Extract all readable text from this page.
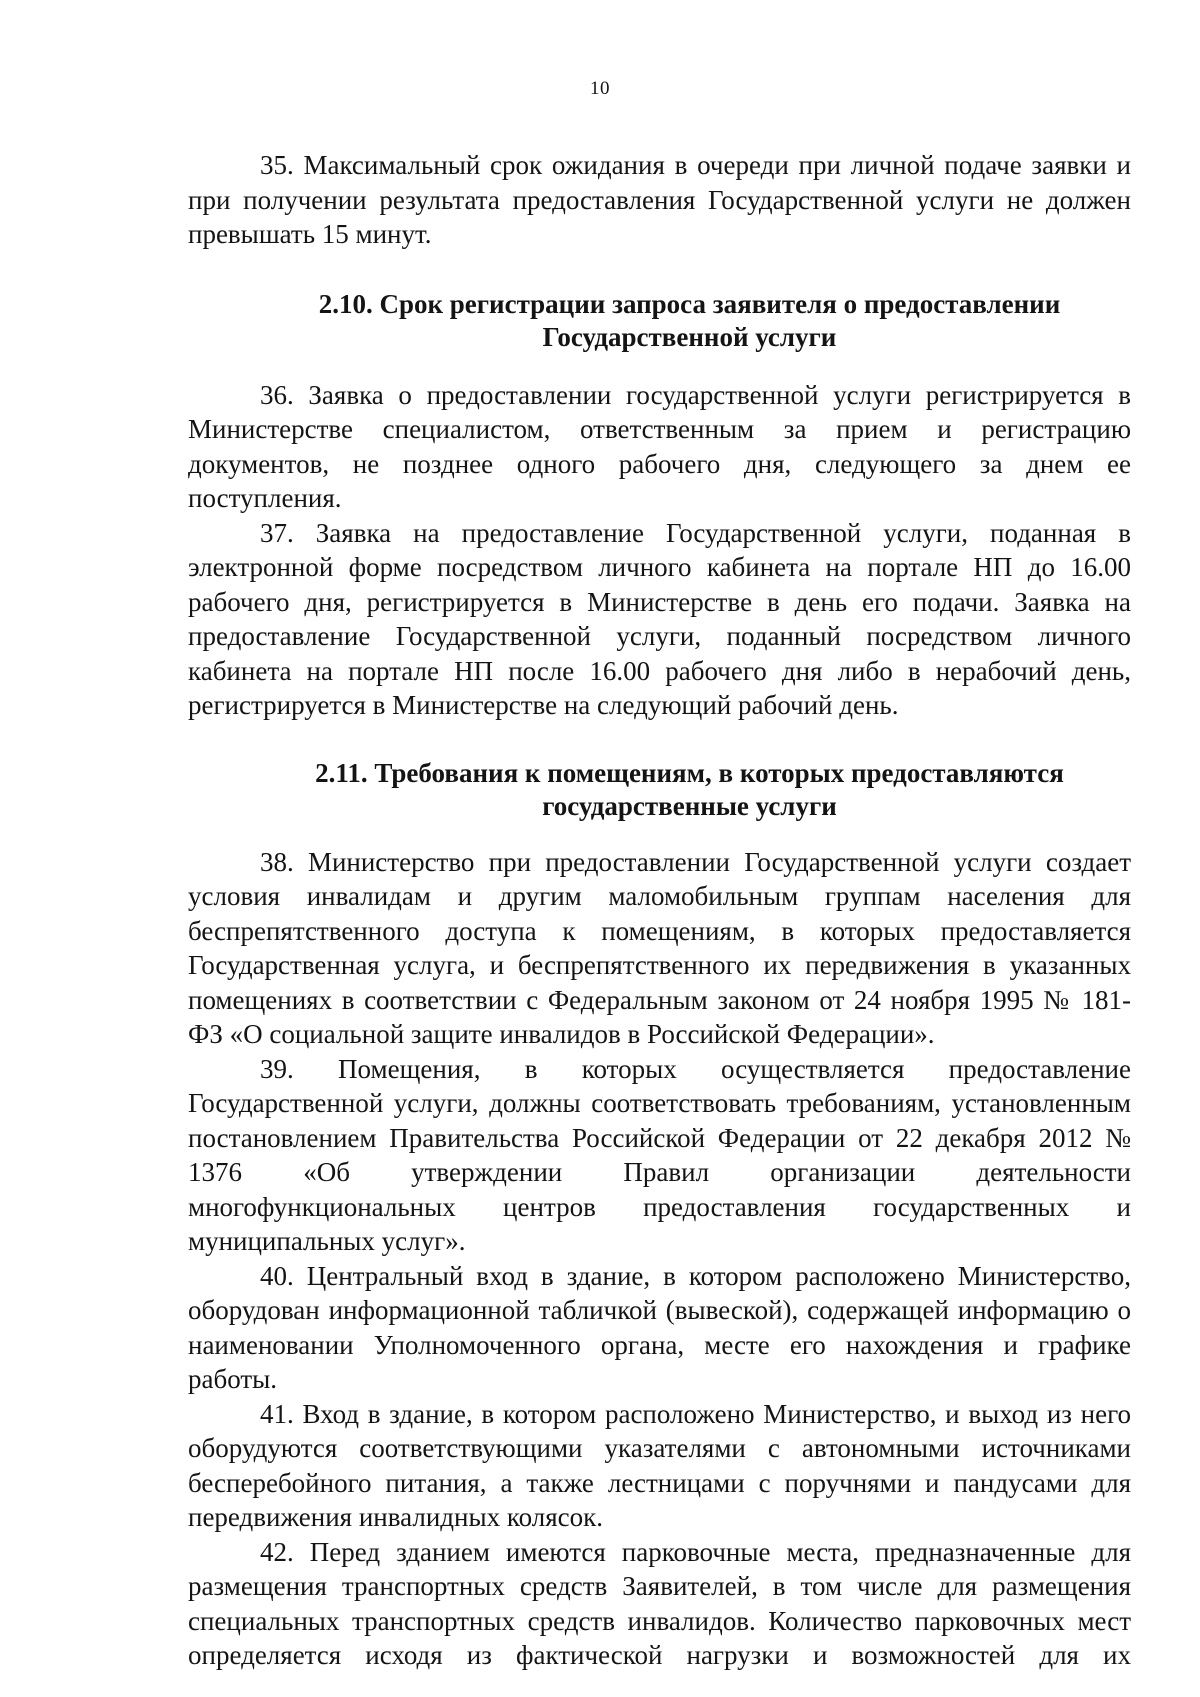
10

35. Максимальный срок ожидания в очереди при личной подаче заявки и при получении результата предоставления Государственной услуги не должен превышать 15 минут.

2.10. Срок регистрации запроса заявителя о предоставлении
Государственной услуги

36. Заявка о предоставлении государственной услуги регистрируется в Министерстве специалистом, ответственным за прием и регистрацию документов, не позднее одного рабочего дня, следующего за днем ее поступления.

37. Заявка на предоставление Государственной услуги, поданная в электронной форме посредством личного кабинета на портале НП до 16.00 рабочего дня, регистрируется в Министерстве в день его подачи. Заявка на предоставление Государственной услуги, поданный посредством личного кабинета на портале НП после 16.00 рабочего дня либо в нерабочий день, регистрируется в Министерстве на следующий рабочий день.

2.11. Требования к помещениям, в которых предоставляются
государственные услуги

38. Министерство при предоставлении Государственной услуги создает условия инвалидам и другим маломобильным группам населения для беспрепятственного доступа к помещениям, в которых предоставляется Государственная услуга, и беспрепятственного их передвижения в указанных помещениях в соответствии с Федеральным законом от 24 ноября 1995 № 181-ФЗ «О социальной защите инвалидов в Российской Федерации».

39. Помещения, в которых осуществляется предоставление Государственной услуги, должны соответствовать требованиям, установленным постановлением Правительства Российской Федерации от 22 декабря 2012 № 1376 «Об утверждении Правил организации деятельности многофункциональных центров предоставления государственных и муниципальных услуг».

40. Центральный вход в здание, в котором расположено Министерство, оборудован информационной табличкой (вывеской), содержащей информацию о наименовании Уполномоченного органа, месте его нахождения и графике работы.

41. Вход в здание, в котором расположено Министерство, и выход из него оборудуются соответствующими указателями с автономными источниками бесперебойного питания, а также лестницами с поручнями и пандусами для передвижения инвалидных колясок.

42. Перед зданием имеются парковочные места, предназначенные для размещения транспортных средств Заявителей, в том числе для размещения специальных транспортных средств инвалидов. Количество парковочных мест определяется исходя из фактической нагрузки и возможностей для их
